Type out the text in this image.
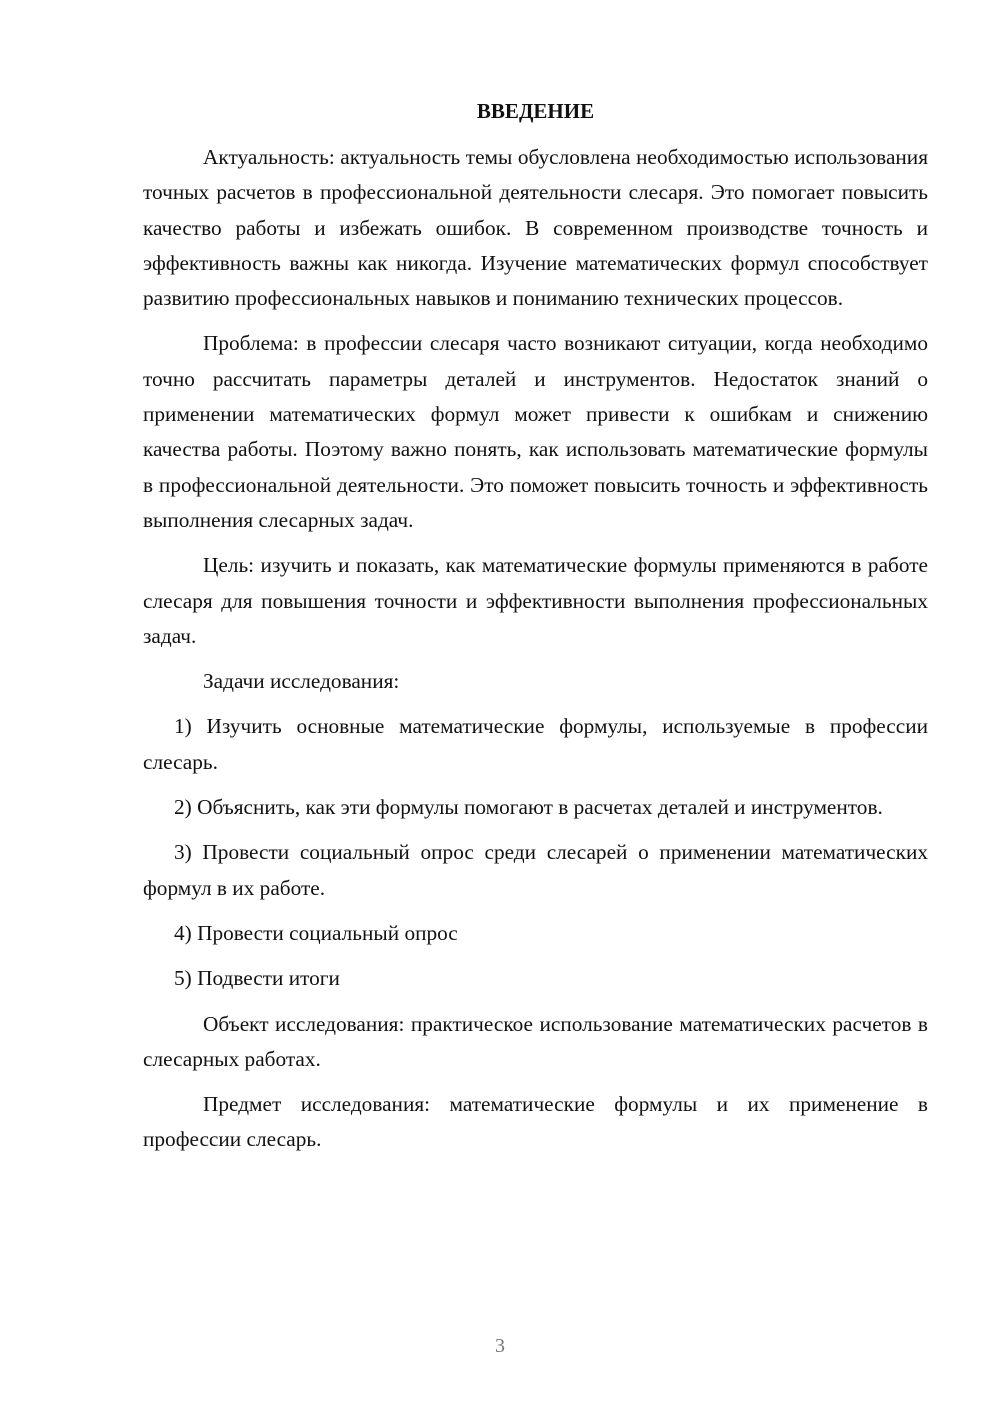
ВВЕДЕНИЕ

Актуальность: актуальность темы обусловлена необходимостью использования точных расчетов в профессиональной деятельности слесаря. Это помогает повысить качество работы и избежать ошибок. В современном производстве точность и эффективность важны как никогда. Изучение математических формул способствует развитию профессиональных навыков и пониманию технических процессов.

Проблема: в профессии слесаря часто возникают ситуации, когда необходимо точно рассчитать параметры деталей и инструментов. Недостаток знаний о применении математических формул может привести к ошибкам и снижению качества работы. Поэтому важно понять, как использовать математические формулы в профессиональной деятельности. Это поможет повысить точность и эффективность выполнения слесарных задач.

Цель: изучить и показать, как математические формулы применяются в работе слесаря для повышения точности и эффективности выполнения профессиональных задач.

Задачи исследования:

1) Изучить основные математические формулы, используемые в профессии слесарь.

2) Объяснить, как эти формулы помогают в расчетах деталей и инструментов.

3) Провести социальный опрос среди слесарей о применении математических формул в их работе.

4) Провести социальный опрос

5) Подвести итоги

Объект исследования: практическое использование математических расчетов в слесарных работах.

Предмет исследования: математические формулы и их применение в профессии слесарь.

3
